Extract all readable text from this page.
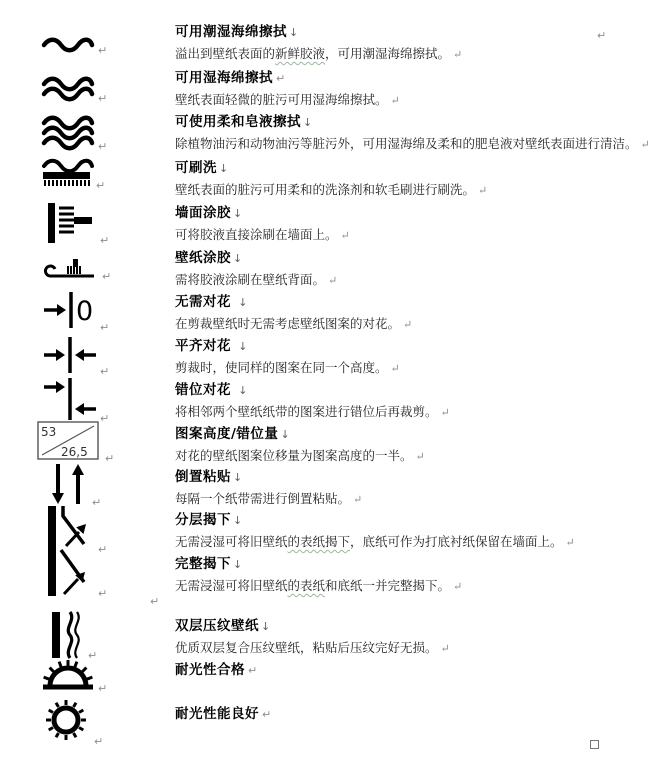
↵
可用潮湿海绵擦拭 ↓
溢出到壁纸表面的新鲜胶液，可用潮湿海绵擦拭。 ↵
↵
可用湿海绵擦拭 ↵
壁纸表面轻微的脏污可用湿海绵擦拭。 ↵
↵
可使用柔和皂液擦拭 ↓
除植物油污和动物油污等脏污外，可用湿海绵及柔和的肥皂液对壁纸表面进行清洁。 ↵
↵
可刷洗 ↓
壁纸表面的脏污可用柔和的洗涤剂和软毛刷进行刷洗。 ↵
↵
墙面涂胶 ↓
可将胶液直接涂刷在墙面上。 ↵
↵
壁纸涂胶 ↓
需将胶液涂刷在壁纸背面。 ↵
0
↵
无需对花 ↓
在剪裁壁纸时无需考虑壁纸图案的对花。 ↵
↵
平齐对花 ↓
剪裁时，使同样的图案在同一个高度。 ↵
↵
错位对花 ↓
将相邻两个壁纸纸带的图案进行错位后再裁剪。 ↵
53
26,5 ↵
图案高度/错位量 ↓
对花的壁纸图案位移量为图案高度的一半。 ↵
↵
倒置粘贴 ↓
每隔一个纸带需进行倒置粘贴。 ↵
↵
分层揭下 ↓
无需浸湿可将旧壁纸的表纸揭下，底纸可作为打底衬纸保留在墙面上。 ↵
↵
完整揭下 ↓
无需浸湿可将旧壁纸的表纸和底纸一并完整揭下。 ↵
↵
双层压纹壁纸 ↓
优质双层复合压纹壁纸，粘贴后压纹完好无损。 ↵
↵
耐光性合格 ↵
↵
耐光性能良好 ↵
↵
↵
